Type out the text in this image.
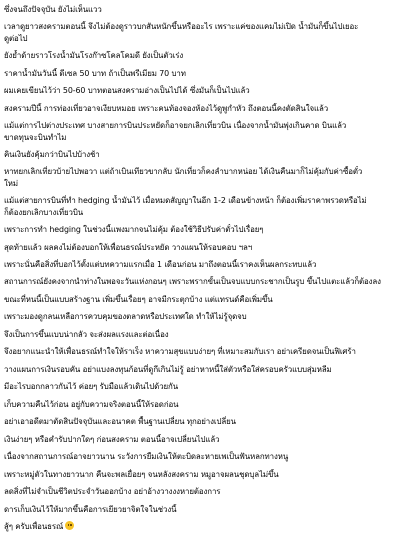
ซึ่งจนถึงปัจจุบัน ยังไม่เห็นแวว
เวลาดูยาวสงครามตอนนี้ จึงไม่ต้องดูราวบกสันหนักขึ้นหรืออะไร เพราะแค่ของแคมไม่เปิด น้ำมันก็ขึ้นไปเยอะ
ดูต่อไป
ยังย้ำด้ายราวโรงน้ำมันโรงก๊าซโคลโคมดี ยังเป็นตัวเร่ง
ราคาน้ำมันวันนี้ ดีเซล 50 บาท ถ้าเป็นพรีเมียม 70 บาท
ผมเคยเขียนไว้ว่า 50-60 บาทตอนสงครามอ่างเป็นไปได้ ซึ่งมันก็เป็นไปแล้ว
สงครามปีนี้ การท่องเที่ยวอาจเงียบหมอย เพราะคนท้องจองห้องไว้ดูพูกำหัว ถึงตอนนี้คงตัดสินใจแล้ว
แม้แต่การไปต่างประเทศ บางสายการบินประหยัดก็อาจยกเลิกเที่ยวบิน เนื่องจากน้ำมันพุ่งเกินคาด บินแล้ว
ขาดทุนจะบินทำไม
คินเงินยังคุ้มกว่าบินไปบ้างช้า
หาทยกเลิกเที่ยวบ้ายไปพอวา แต่ถ้าเบินเทียวขากลับ นักเที่ยวก็คงลำบากหน่อย ได้เงินคืนมาก็ไม่คุ้มกับค่าซื้อตั๋ว
ใหม่
แม้แต่สายการบินที่ทำ hedging น้ำมันไว้ เมื่อหมดสัญญาในอีก 1-2 เดือนข้างหน้า ก็ต้องเพิ่มราคาพรวดหรือไม่
ก็ต้องยกเลิกบางเที่ยวบิน
เพราะการทำ hedging ในช่วงนี้แพงมากจนไม่คุ้ม ต้องใช้วิธีปรับค่าตั๋วไปเรื่อยๆ
สุดท้ายแล้ว ผลคงไม่ต้องบอกให้เพื่อนธรณ์ประหยัด วางแผนให้รอบคอบ ฯลฯ
เพราะนั่นคือสิ่งที่บอกไว้ตั้งแต่บทความแรกเมื่อ 1 เดือนก่อน มาถึงตอนนี้เราคงเห็นผลกระทบแล้ว
สถานการณ์ยังคงจากนำท่างในพอจะวันแห่งกอนๆ เพราะพรากขั้นเป็นจบแบบกระชากเป็นรูบ ขึ้นไปแตะแล้วก็ต้องลง
ขณะที่หนนี้เป็นแบบสร้างฐาน เพิ่มขึ้นเรื่อยๆ อาจมีกระตุกบ้าง แต่แทรนด์คือเพิ่มขึ้น
เพราะมองดูกลนเหลือการควบคุมของตลาดหรือประเทศใด ทำให้ไม่รู้จุดจบ
จึงเป็นการขึ้นแบบน่ากลัว จะส่งผลแรงและต่อเนื่อง
จึงอยากแนะนำให้เพื่อนธรณ์ทำใจให้ราเร็ง หาความสุขแบบง่ายๆ ที่เหมาะสมกับเรา อย่าเครียดจนเป็นฟิเศร้า
วางแผนการเงินรอบคัน อย่าแบงลงทุนก้อนที่ดูกีเกินไม่รู้ อย่าหาหนี้ใส่ตัวหรือใส่ครอบครัวแบบสุ่มหลีม
มีอะไรบอกกลาวกันไว้ ค่อยๆ รับมือแล้วเดินไปด้วยกัน
เก็บความคืนไว้ก่อน อยู่กับความจริงตอนนี้ให้รอดก่อน
อย่าเอาอดีตมาตัดสินปัจจุบันและอนาคต พื้นฐานเปลี่ยน ทุกอย่างเปลี่ยน
เงินง่ายๆ หรือคำรับปากใดๆ ก่อนสงคราม ตอนนี้อาจเปลี่ยนไปแล้ว
เนื่องจากสถานการณ์อาจยาวนาน ระวังการยืมเงินให้ตะบิดละหายเพเป็นฟันหลกทางหนู
เพราะหมู่ตัวในทางยาวนาก คืนจะพลเยื่อยๆ จนหลังสงคราม หมูอาจผลนชุดบุลไม่ขึ้น
ลดสิ่งที่ไม่จำเป็นชีวิตประจำวันออกบ้าง อย่าอ้างวางงงหายต้องการ
ดารเก็บเงินไว้ให้มากขึ้นคือการเยียวยาจิตใจในช่วงนี้
สู้ๆ ครับเพื่อนธรณ์
